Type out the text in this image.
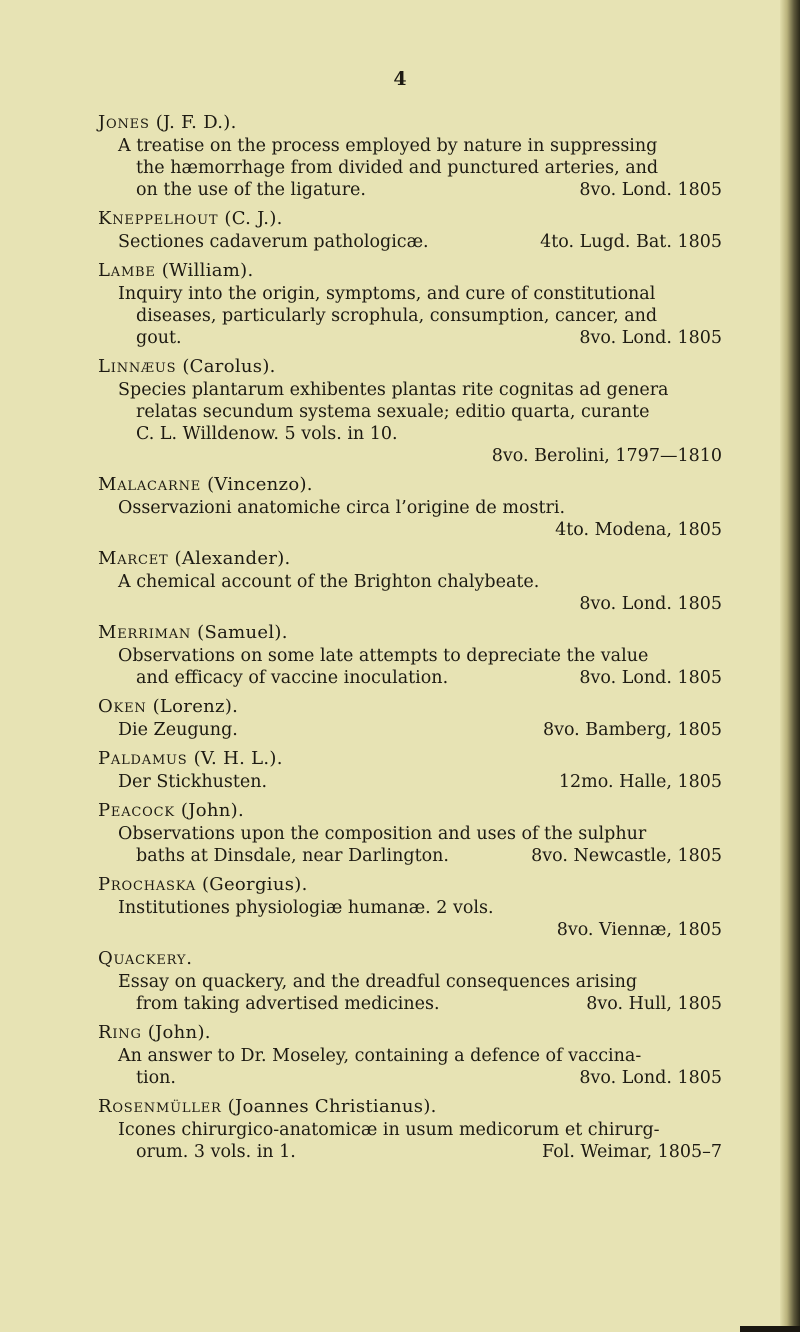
4
Jones (J. F. D.).
A treatise on the process employed by nature in suppressing
the hæmorrhage from divided and punctured arteries, and
on the use of the ligature.	8vo. Lond. 1805
Kneppelhout (C. J.).
Sectiones cadaverum pathologicæ.	4to. Lugd. Bat. 1805
Lambe (William).
Inquiry into the origin, symptoms, and cure of constitutional
diseases, particularly scrophula, consumption, cancer, and
gout.	8vo. Lond. 1805
Linnæus (Carolus).
Species plantarum exhibentes plantas rite cognitas ad genera
relatas secundum systema sexuale; editio quarta, curante
C. L. Willdenow. 5 vols. in 10.
8vo. Berolini, 1797—1810
Malacarne (Vincenzo).
Osservazioni anatomiche circa l’origine de mostri.
4to. Modena, 1805
Marcet (Alexander).
A chemical account of the Brighton chalybeate.
8vo. Lond. 1805
Merriman (Samuel).
Observations on some late attempts to depreciate the value
and efficacy of vaccine inoculation.	8vo. Lond. 1805
Oken (Lorenz).
Die Zeugung.	8vo. Bamberg, 1805
Paldamus (V. H. L.).
Der Stickhusten.	12mo. Halle, 1805
Peacock (John).
Observations upon the composition and uses of the sulphur
baths at Dinsdale, near Darlington.	8vo. Newcastle, 1805
Prochaska (Georgius).
Institutiones physiologiæ humanæ. 2 vols.
8vo. Viennæ, 1805
Quackery.
Essay on quackery, and the dreadful consequences arising
from taking advertised medicines.	8vo. Hull, 1805
Ring (John).
An answer to Dr. Moseley, containing a defence of vaccina-
tion.	8vo. Lond. 1805
Rosenmüller (Joannes Christianus).
Icones chirurgico-anatomicæ in usum medicorum et chirurg-
orum. 3 vols. in 1.	Fol. Weimar, 1805–7
